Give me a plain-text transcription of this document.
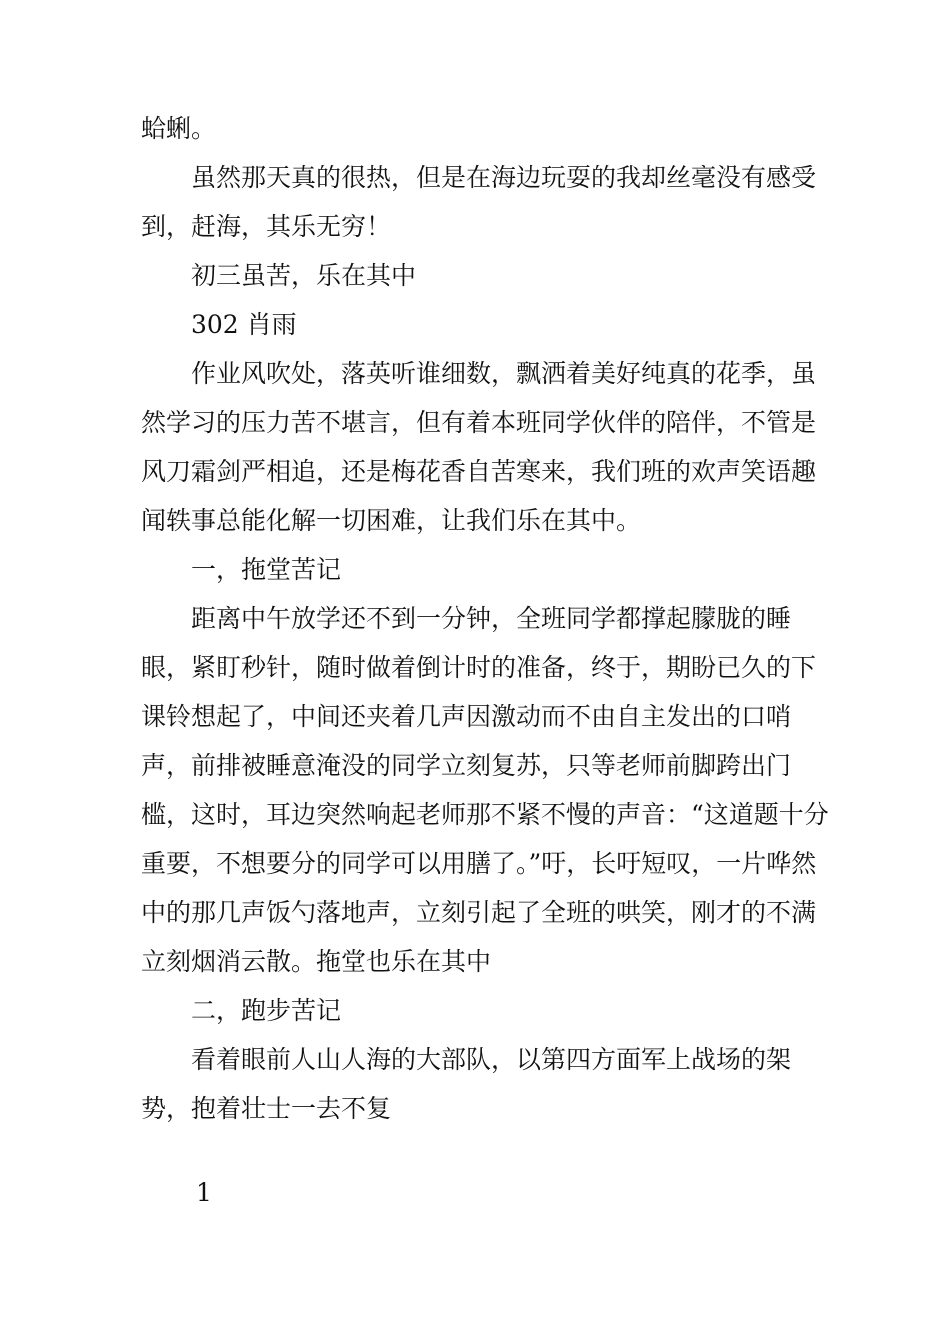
蛤蜊。

虽然那天真的很热，但是在海边玩耍的我却丝毫没有感受到，赶海，其乐无穷！

初三虽苦，乐在其中

302 肖雨

作业风吹处，落英听谁细数，飘洒着美好纯真的花季，虽然学习的压力苦不堪言，但有着本班同学伙伴的陪伴，不管是风刀霜剑严相追，还是梅花香自苦寒来，我们班的欢声笑语趣闻轶事总能化解一切困难，让我们乐在其中。

一，拖堂苦记

距离中午放学还不到一分钟，全班同学都撑起朦胧的睡眼，紧盯秒针，随时做着倒计时的准备，终于，期盼已久的下课铃想起了，中间还夹着几声因激动而不由自主发出的口哨声，前排被睡意淹没的同学立刻复苏，只等老师前脚跨出门槛，这时，耳边突然响起老师那不紧不慢的声音：“这道题十分重要，不想要分的同学可以用膳了。”吁，长吁短叹，一片哗然中的那几声饭勺落地声，立刻引起了全班的哄笑，刚才的不满立刻烟消云散。拖堂也乐在其中

二，跑步苦记

看着眼前人山人海的大部队，以第四方面军上战场的架势，抱着壮士一去不复

1
